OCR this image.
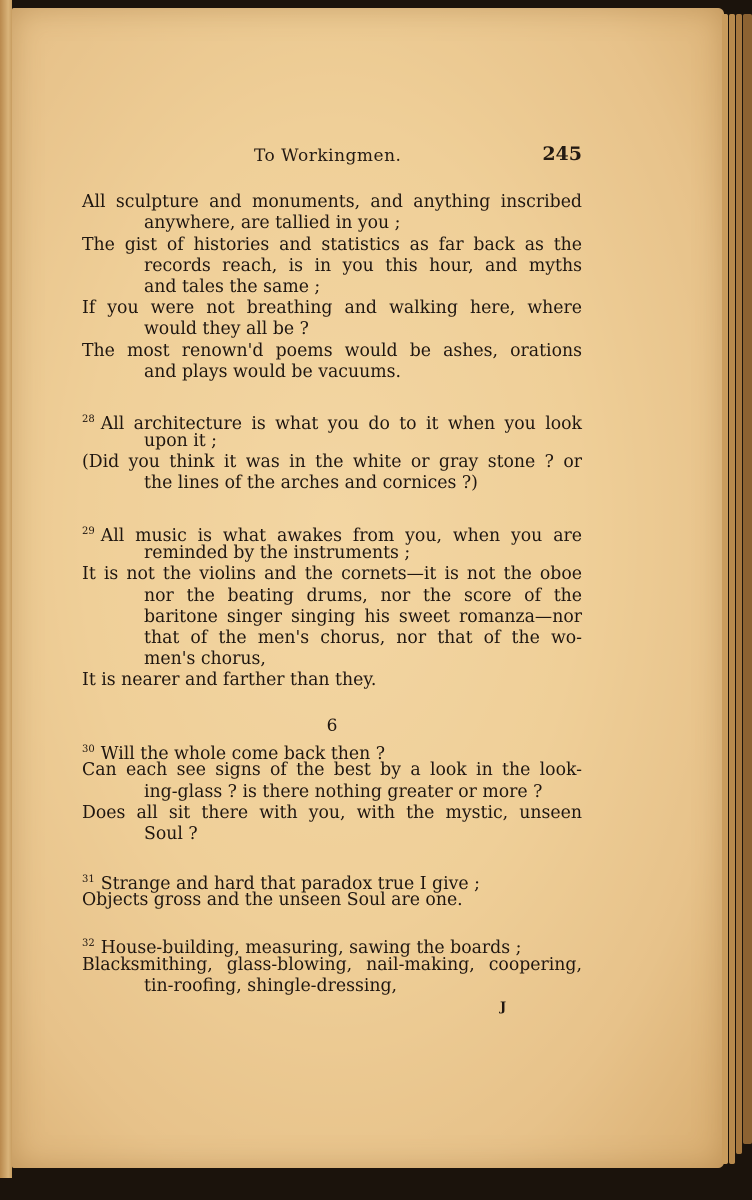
To Workingmen.	245
All sculpture and monuments, and anything inscribed
anywhere, are tallied in you ;
The gist of histories and statistics as far back as the
records reach, is in you this hour, and myths
and tales the same ;
If you were not breathing and walking here, where
would they all be ?
The most renown'd poems would be ashes, orations
and plays would be vacuums.
$^{28}$ All architecture is what you do to it when you look
upon it ;
(Did you think it was in the white or gray stone ? or
the lines of the arches and cornices ?)
$^{29}$ All music is what awakes from you, when you are
reminded by the instruments ;
It is not the violins and the cornets—it is not the oboe
nor the beating drums, nor the score of the
baritone singer singing his sweet romanza—nor
that of the men's chorus, nor that of the wo-
men's chorus,
It is nearer and farther than they.
6
$^{30}$ Will the whole come back then ?
Can each see signs of the best by a look in the look-
ing-glass ? is there nothing greater or more ?
Does all sit there with you, with the mystic, unseen
Soul ?
$^{31}$ Strange and hard that paradox true I give ;
Objects gross and the unseen Soul are one.
$^{32}$ House-building, measuring, sawing the boards ;
Blacksmithing, glass-blowing, nail-making, coopering,
tin-roofing, shingle-dressing,
J
